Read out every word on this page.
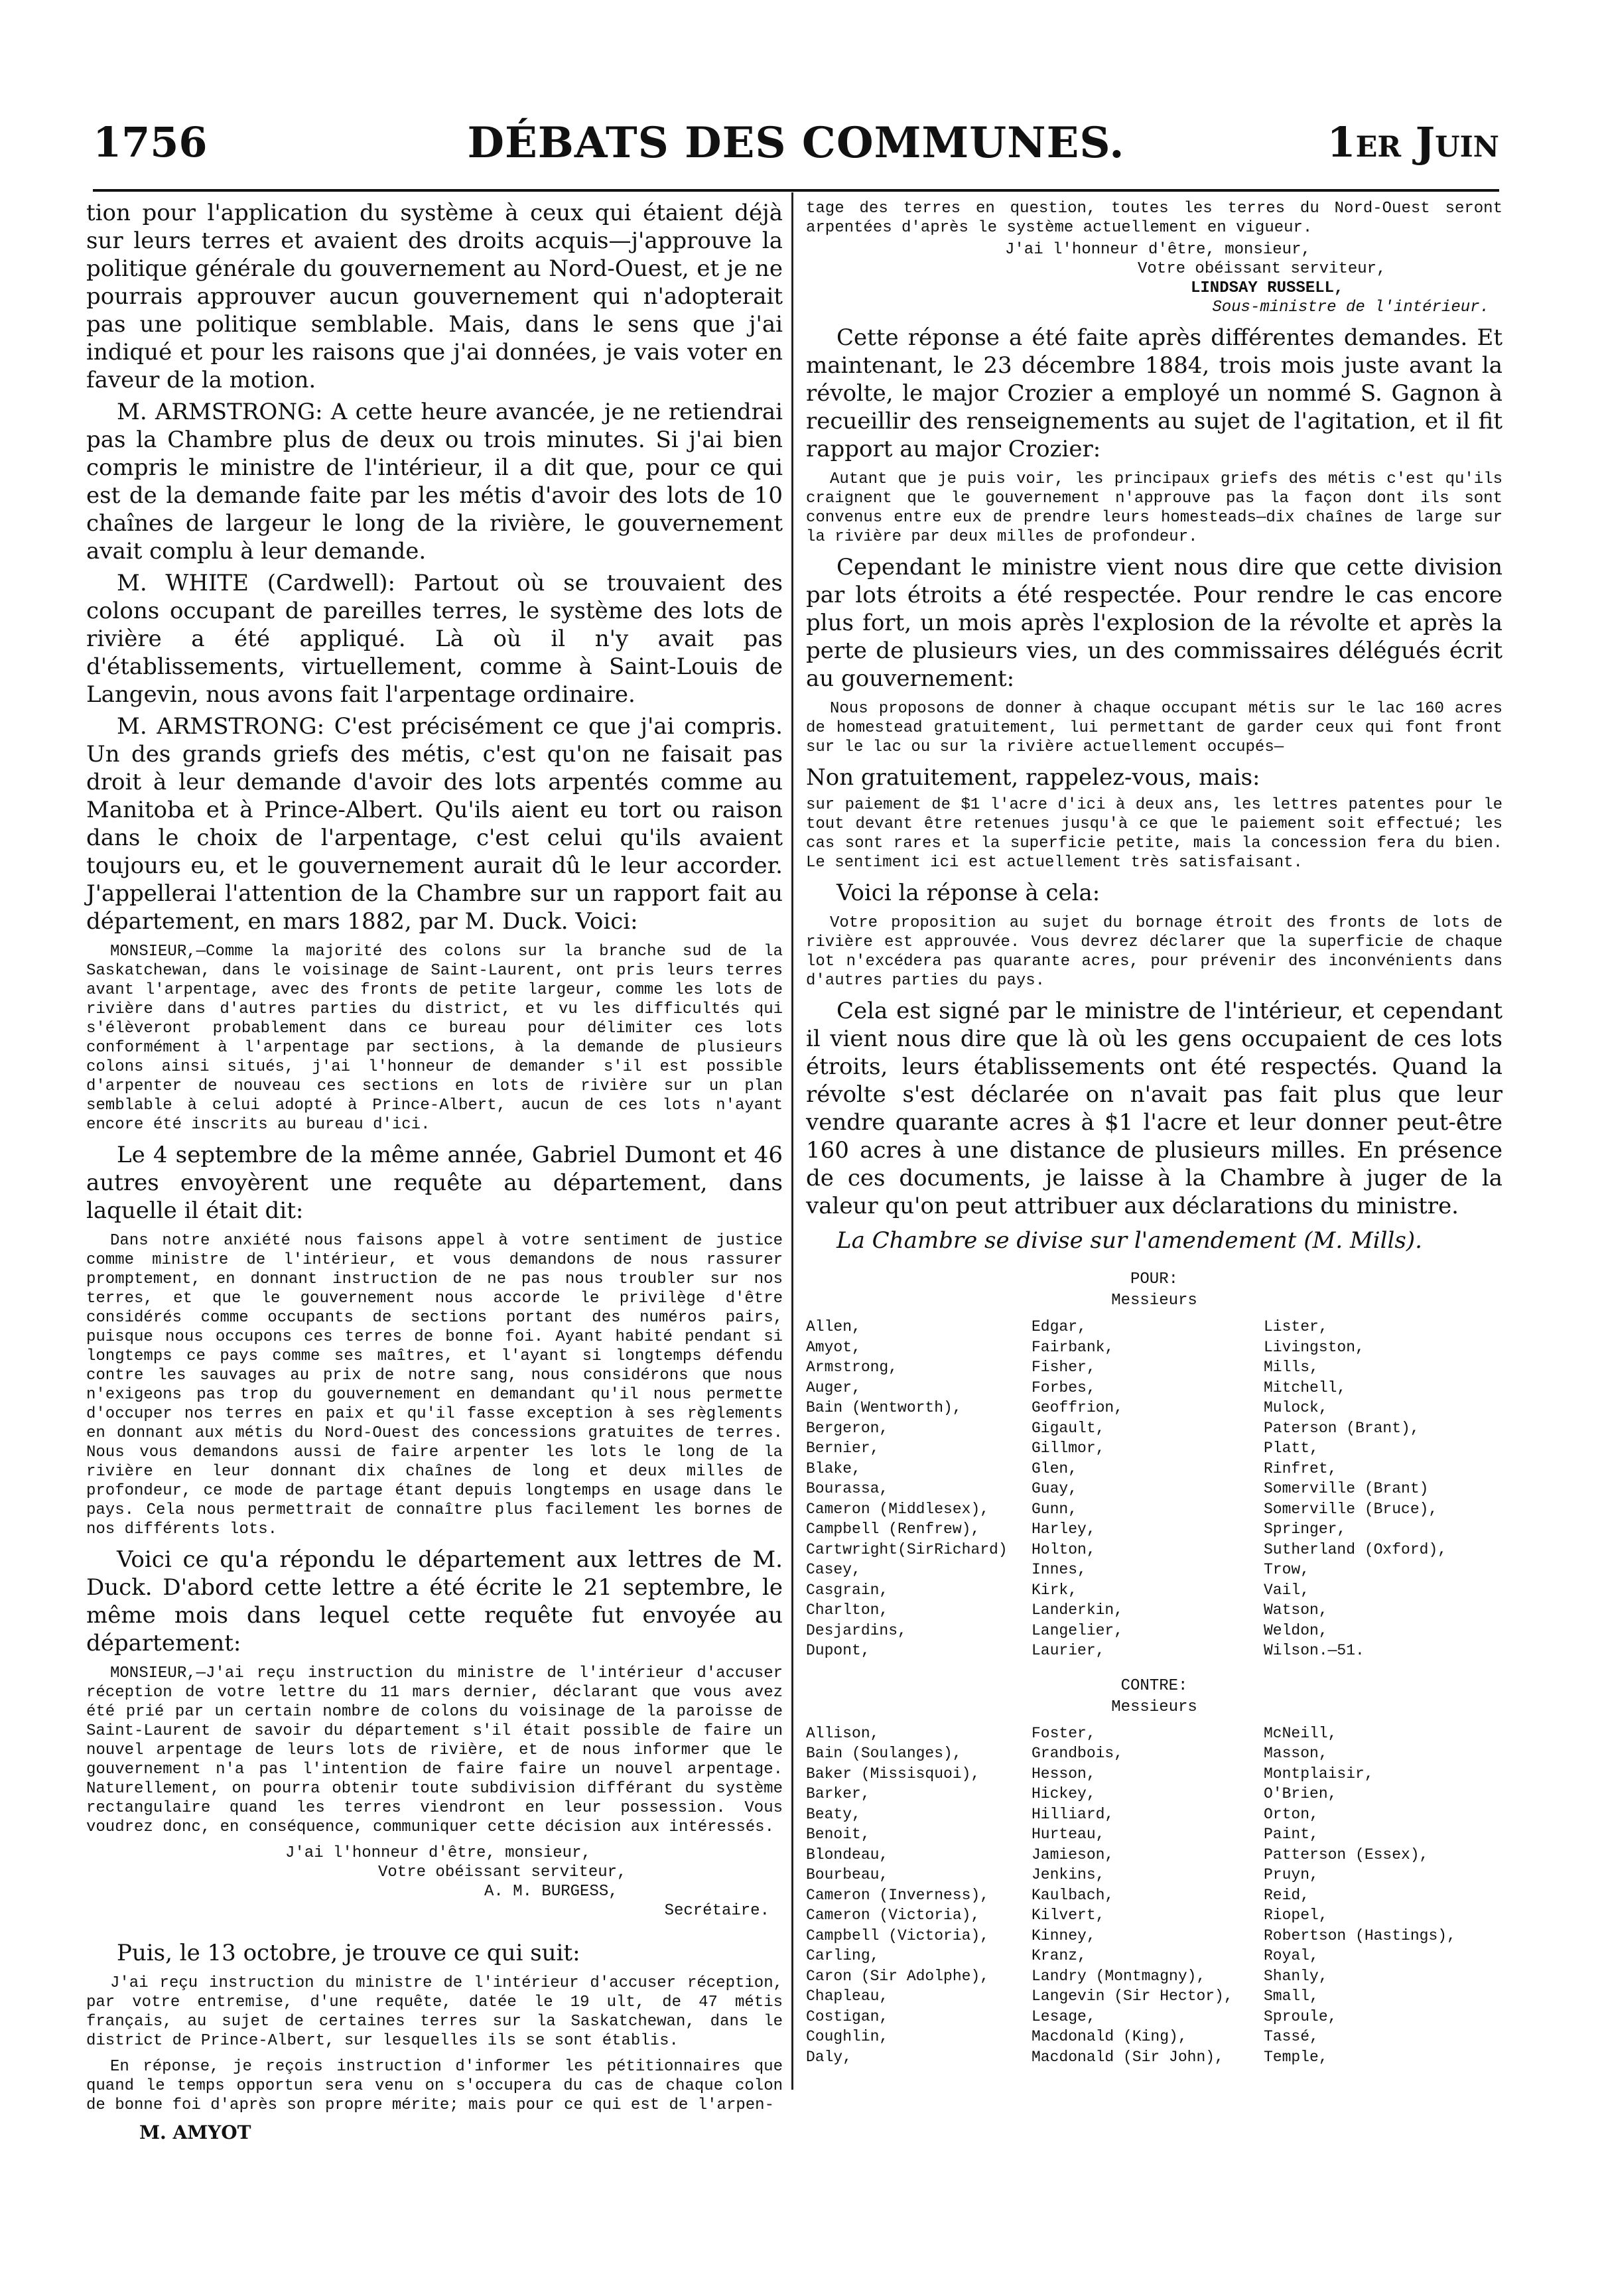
1756	DÉBATS DES COMMUNES.	1er Juin

tion pour l'application du système à ceux qui étaient déjà sur leurs terres et avaient des droits acquis—j'approuve la politique générale du gouvernement au Nord-Ouest, et je ne pourrais approuver aucun gouvernement qui n'adopterait pas une politique semblable. Mais, dans le sens que j'ai indiqué et pour les raisons que j'ai données, je vais voter en faveur de la motion.

M. ARMSTRONG: A cette heure avancée, je ne retiendrai pas la Chambre plus de deux ou trois minutes. Si j'ai bien compris le ministre de l'intérieur, il a dit que, pour ce qui est de la demande faite par les métis d'avoir des lots de 10 chaînes de largeur le long de la rivière, le gouvernement avait complu à leur demande.

M. WHITE (Cardwell): Partout où se trouvaient des colons occupant de pareilles terres, le système des lots de rivière a été appliqué. Là où il n'y avait pas d'établissements, virtuellement, comme à Saint-Louis de Langevin, nous avons fait l'arpentage ordinaire.

M. ARMSTRONG: C'est précisément ce que j'ai compris. Un des grands griefs des métis, c'est qu'on ne faisait pas droit à leur demande d'avoir des lots arpentés comme au Manitoba et à Prince-Albert. Qu'ils aient eu tort ou raison dans le choix de l'arpentage, c'est celui qu'ils avaient toujours eu, et le gouvernement aurait dû le leur accorder. J'appellerai l'attention de la Chambre sur un rapport fait au département, en mars 1882, par M. Duck. Voici:

MONSIEUR,—Comme la majorité des colons sur la branche sud de la Saskatchewan, dans le voisinage de Saint-Laurent, ont pris leurs terres avant l'arpentage, avec des fronts de petite largeur, comme les lots de rivière dans d'autres parties du district, et vu les difficultés qui s'élèveront probablement dans ce bureau pour délimiter ces lots conformément à l'arpentage par sections, à la demande de plusieurs colons ainsi situés, j'ai l'honneur de demander s'il est possible d'arpenter de nouveau ces sections en lots de rivière sur un plan semblable à celui adopté à Prince-Albert, aucun de ces lots n'ayant encore été inscrits au bureau d'ici.

Le 4 septembre de la même année, Gabriel Dumont et 46 autres envoyèrent une requête au département, dans laquelle il était dit:

Dans notre anxiété nous faisons appel à votre sentiment de justice comme ministre de l'intérieur, et vous demandons de nous rassurer promptement, en donnant instruction de ne pas nous troubler sur nos terres, et que le gouvernement nous accorde le privilège d'être considérés comme occupants de sections portant des numéros pairs, puisque nous occupons ces terres de bonne foi. Ayant habité pendant si longtemps ce pays comme ses maîtres, et l'ayant si longtemps défendu contre les sauvages au prix de notre sang, nous considérons que nous n'exigeons pas trop du gouvernement en demandant qu'il nous permette d'occuper nos terres en paix et qu'il fasse exception à ses règlements en donnant aux métis du Nord-Ouest des concessions gratuites de terres. Nous vous demandons aussi de faire arpenter les lots le long de la rivière en leur donnant dix chaînes de long et deux milles de profondeur, ce mode de partage étant depuis longtemps en usage dans le pays. Cela nous permettrait de connaître plus facilement les bornes de nos différents lots.

Voici ce qu'a répondu le département aux lettres de M. Duck. D'abord cette lettre a été écrite le 21 septembre, le même mois dans lequel cette requête fut envoyée au département:

MONSIEUR,—J'ai reçu instruction du ministre de l'intérieur d'accuser réception de votre lettre du 11 mars dernier, déclarant que vous avez été prié par un certain nombre de colons du voisinage de la paroisse de Saint-Laurent de savoir du département s'il était possible de faire un nouvel arpentage de leurs lots de rivière, et de nous informer que le gouvernement n'a pas l'intention de faire faire un nouvel arpentage. Naturellement, on pourra obtenir toute subdivision différant du système rectangulaire quand les terres viendront en leur possession. Vous voudrez donc, en conséquence, communiquer cette décision aux intéressés.

J'ai l'honneur d'être, monsieur,
Votre obéissant serviteur,
A. M. BURGESS,
Secrétaire.

Puis, le 13 octobre, je trouve ce qui suit:

J'ai reçu instruction du ministre de l'intérieur d'accuser réception, par votre entremise, d'une requête, datée le 19 ult, de 47 métis français, au sujet de certaines terres sur la Saskatchewan, dans le district de Prince-Albert, sur lesquelles ils se sont établis.

En réponse, je reçois instruction d'informer les pétitionnaires que quand le temps opportun sera venu on s'occupera du cas de chaque colon de bonne foi d'après son propre mérite; mais pour ce qui est de l'arpen-

M. AMYOT

tage des terres en question, toutes les terres du Nord-Ouest seront arpentées d'après le système actuellement en vigueur.

J'ai l'honneur d'être, monsieur,
Votre obéissant serviteur,
LINDSAY RUSSELL,
Sous-ministre de l'intérieur.

Cette réponse a été faite après différentes demandes. Et maintenant, le 23 décembre 1884, trois mois juste avant la révolte, le major Crozier a employé un nommé S. Gagnon à recueillir des renseignements au sujet de l'agitation, et il fit rapport au major Crozier:

Autant que je puis voir, les principaux griefs des métis c'est qu'ils craignent que le gouvernement n'approuve pas la façon dont ils sont convenus entre eux de prendre leurs homesteads—dix chaînes de large sur la rivière par deux milles de profondeur.

Cependant le ministre vient nous dire que cette division par lots étroits a été respectée. Pour rendre le cas encore plus fort, un mois après l'explosion de la révolte et après la perte de plusieurs vies, un des commissaires délégués écrit au gouvernement:

Nous proposons de donner à chaque occupant métis sur le lac 160 acres de homestead gratuitement, lui permettant de garder ceux qui font front sur le lac ou sur la rivière actuellement occupés—

Non gratuitement, rappelez-vous, mais:

sur paiement de $1 l'acre d'ici à deux ans, les lettres patentes pour le tout devant être retenues jusqu'à ce que le paiement soit effectué; les cas sont rares et la superficie petite, mais la concession fera du bien. Le sentiment ici est actuellement très satisfaisant.

Voici la réponse à cela:

Votre proposition au sujet du bornage étroit des fronts de lots de rivière est approuvée. Vous devrez déclarer que la superficie de chaque lot n'excédera pas quarante acres, pour prévenir des inconvénients dans d'autres parties du pays.

Cela est signé par le ministre de l'intérieur, et cependant il vient nous dire que là où les gens occupaient de ces lots étroits, leurs établissements ont été respectés. Quand la révolte s'est déclarée on n'avait pas fait plus que leur vendre quarante acres à $1 l'acre et leur donner peut-être 160 acres à une distance de plusieurs milles. En présence de ces documents, je laisse à la Chambre à juger de la valeur qu'on peut attribuer aux déclarations du ministre.

La Chambre se divise sur l'amendement (M. Mills).

POUR:
Messieurs
Allen,	Edgar,	Lister,
Amyot,	Fairbank,	Livingston,
Armstrong,	Fisher,	Mills,
Auger,	Forbes,	Mitchell,
Bain (Wentworth),	Geoffrion,	Mulock,
Bergeron,	Gigault,	Paterson (Brant),
Bernier,	Gillmor,	Platt,
Blake,	Glen,	Rinfret,
Bourassa,	Guay,	Somerville (Brant)
Cameron (Middlesex),	Gunn,	Somerville (Bruce),
Campbell (Renfrew),	Harley,	Springer,
Cartwright(SirRichard)	Holton,	Sutherland (Oxford),
Casey,	Innes,	Trow,
Casgrain,	Kirk,	Vail,
Charlton,	Landerkin,	Watson,
Desjardins,	Langelier,	Weldon,
Dupont,	Laurier,	Wilson.—51.
CONTRE:
Messieurs
Allison,	Foster,	McNeill,
Bain (Soulanges),	Grandbois,	Masson,
Baker (Missisquoi),	Hesson,	Montplaisir,
Barker,	Hickey,	O'Brien,
Beaty,	Hilliard,	Orton,
Benoit,	Hurteau,	Paint,
Blondeau,	Jamieson,	Patterson (Essex),
Bourbeau,	Jenkins,	Pruyn,
Cameron (Inverness),	Kaulbach,	Reid,
Cameron (Victoria),	Kilvert,	Riopel,
Campbell (Victoria),	Kinney,	Robertson (Hastings),
Carling,	Kranz,	Royal,
Caron (Sir Adolphe),	Landry (Montmagny),	Shanly,
Chapleau,	Langevin (Sir Hector),	Small,
Costigan,	Lesage,	Sproule,
Coughlin,	Macdonald (King),	Tassé,
Daly,	Macdonald (Sir John),	Temple,
